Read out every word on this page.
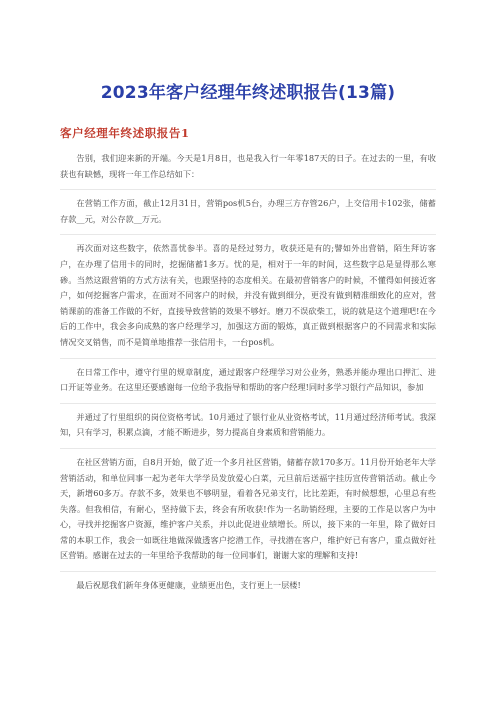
2023年客户经理年终述职报告(13篇)
客户经理年终述职报告1

告别，我们迎来新的开端。今天是1月8日，也是我入行一年零187天的日子。在过去的一里，有收获也有缺憾，现将一年工作总结如下：

在营销工作方面，截止12月31日，营销pos机5台，办理三方存管26户，上交信用卡102张，储蓄存款__元，对公存款__万元。

再次面对这些数字，依然喜忧参半。喜的是经过努力，收获还是有的;譬如外出营销，陌生拜访客户，在办理了信用卡的同时，挖掘储蓄1多万。忧的是，相对于一年的时间，这些数字总是显得那么寒碜。当然这跟营销的方式方法有关，也跟坚持的态度相关。在最初营销客户的时候，不懂得如何接近客户，如何挖掘客户需求，在面对不同客户的时候，并没有做到细分，更没有做到精准细致化的应对，营销课前的准备工作做的不好，直接导致营销的效果不够好。磨刀不误砍柴工，说的就是这个道理吧!在今后的工作中，我会多向成熟的客户经理学习，加强这方面的锻炼，真正做到根据客户的不同需求和实际情况交叉销售，而不是简单地推荐一张信用卡，一台pos机。

在日常工作中，遵守行里的规章制度，通过跟客户经理学习对公业务，熟悉并能办理出口押汇、进口开证等业务。在这里还要感谢每一位给予我指导和帮助的客户经理!同时多学习银行产品知识，参加

并通过了行里组织的岗位资格考试。10月通过了银行业从业资格考试，11月通过经济师考试。我深知，只有学习，积累点滴，才能不断进步，努力提高自身素质和营销能力。

在社区营销方面，自8月开始，做了近一个多月社区营销，储蓄存款170多万。11月份开始老年大学营销活动，和单位同事一起为老年大学学员发放爱心白菜，元旦前后送福字挂历宣传营销活动。截止今天，新增60多万。存款不多，效果也不够明显，看着各兄弟支行，比比差距，有时候想想，心里总有些失落。但我相信，有耐心，坚持做下去，终会有所收获!作为一名助销经理，主要的工作是以客户为中心，寻找并挖掘客户资源，维护客户关系，并以此促进业绩增长。所以，接下来的一年里，除了做好日常的本职工作，我会一如既往地做深做透客户挖潜工作，寻找潜在客户，维护好已有客户，重点做好社区营销。感谢在过去的一年里给予我帮助的每一位同事们，谢谢大家的理解和支持!

最后祝愿我们新年身体更健康，业绩更出色，支行更上一层楼!
